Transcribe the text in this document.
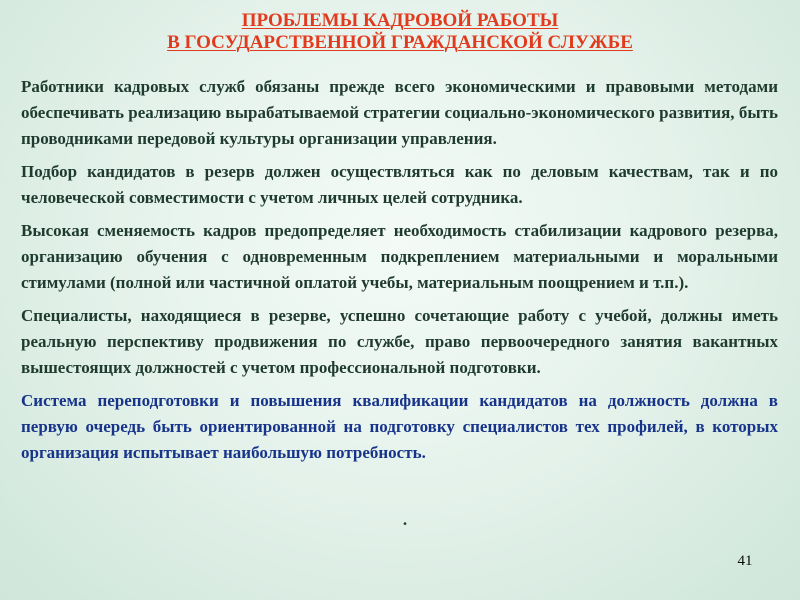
ПРОБЛЕМЫ КАДРОВОЙ РАБОТЫ
В ГОСУДАРСТВЕННОЙ ГРАЖДАНСКОЙ СЛУЖБЕ

Работники кадровых служб обязаны прежде всего экономическими и правовыми методами обеспечивать реализацию вырабатываемой стратегии социально-экономического развития, быть проводниками передовой культуры организации управления.

Подбор кандидатов в резерв должен осуществляться как по деловым качествам, так и по человеческой совместимости с учетом личных целей сотрудника.

Высокая сменяемость кадров предопределяет необходимость стабилизации кадрового резерва, организацию обучения с одновременным подкреплением материальными и моральными стимулами (полной или частичной оплатой учебы, материальным поощрением и т.п.).

Специалисты, находящиеся в резерве, успешно сочетающие работу с учебой, должны иметь реальную перспективу продвижения по службе, право первоочередного занятия вакантных вышестоящих должностей с учетом профессиональной подготовки.

Система переподготовки и повышения квалификации кандидатов на должность должна в первую очередь быть ориентированной на подготовку специалистов тех профилей, в которых организация испытывает наибольшую потребность.

.
41
